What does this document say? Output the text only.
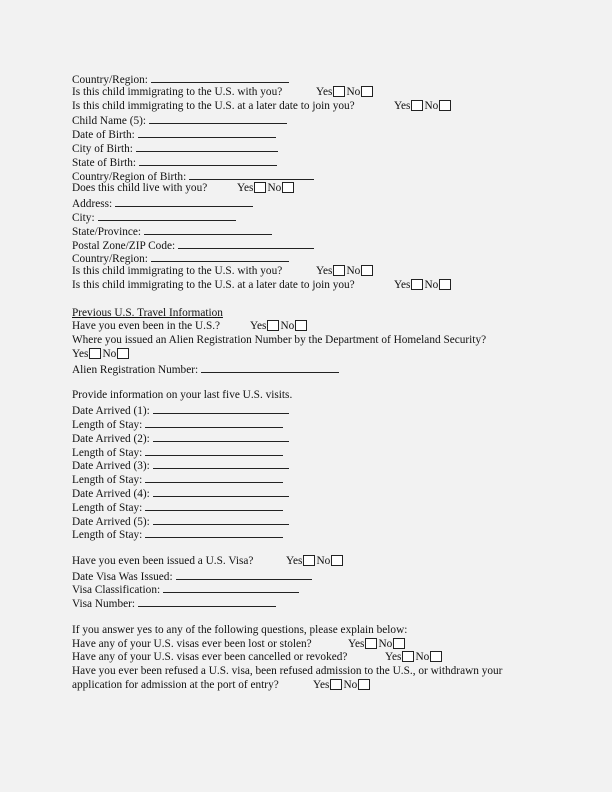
Country/Region:
Is this child immigrating to the U.S. with you?	Yes No
Is this child immigrating to the U.S. at a later date to join you?	Yes No
Child Name (5):
Date of Birth:
City of Birth:
State of Birth:
Country/Region of Birth:
Does this child live with you?	Yes No
Address:
City:
State/Province:
Postal Zone/ZIP Code:
Country/Region:
Is this child immigrating to the U.S. with you?	Yes No
Is this child immigrating to the U.S. at a later date to join you?	Yes No
Previous U.S. Travel Information
Have you even been in the U.S.?	Yes No
Where you issued an Alien Registration Number by the Department of Homeland Security?
Yes No
Alien Registration Number:
Provide information on your last five U.S. visits.
Date Arrived (1):
Length of Stay:
Date Arrived (2):
Length of Stay:
Date Arrived (3):
Length of Stay:
Date Arrived (4):
Length of Stay:
Date Arrived (5):
Length of Stay:
Have you even been issued a U.S. Visa?	Yes No
Date Visa Was Issued:
Visa Classification:
Visa Number:
If you answer yes to any of the following questions, please explain below:
Have any of your U.S. visas ever been lost or stolen?	Yes No
Have any of your U.S. visas ever been cancelled or revoked?	Yes No
Have you ever been refused a U.S. visa, been refused admission to the U.S., or withdrawn your
application for admission at the port of entry?	Yes No
